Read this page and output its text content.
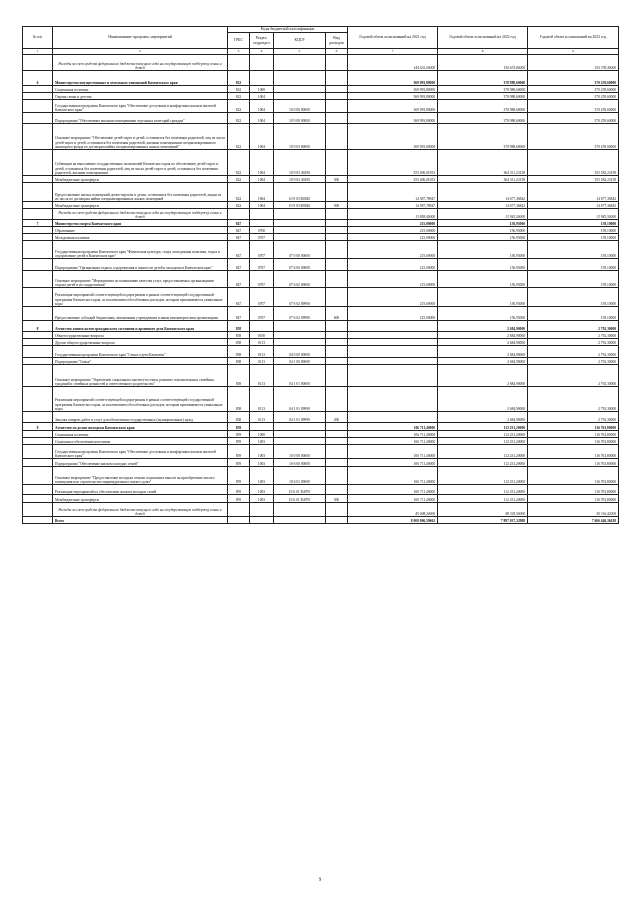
№ п/п	Наименование программ, мероприятий	Коды бюджетной классификации				Годовой объем ассигнований на 2021 год	Годовой объем ассигнований на 2022 год	Годовой объем ассигнований на 2023 год
		ГРБС	Раздел, подраздел	КЦСР	Вид расходов			
1	2	3	4	5	6	7	8	9
	Расходы за счет средств федерального бюджета текущего года на государственную поддержку семьи и детей					144 632,00000	150 633,80000	155 378,40000
6	Министерство имущественных и земельных отношений Камчатского края	822				369 993,80000	378 988,60000	370 259,60000
	Социальная политика	822	1000			369 993,80000	378 988,60000	370 259,60000
	Охрана семьи и детства	822	1004			369 993,80000	378 988,60000	370 259,60000
	Государственная программа Камчатского края "Обеспечение доступным и комфортным жильем жителей Камчатского края"	822	1004	10 0 00 00000		369 993,80000	378 988,60000	370 259,60000
	Подпрограмма "Обеспечение жилыми помещениями отдельных категорий граждан"	822	1004	10 9 00 00000		369 993,80000	378 988,60000	370 259,60000
	Основное мероприятие "Обеспечение детей-сирот и детей, оставшихся без попечения родителей, лиц из числа детей-сирот и детей, оставшихся без попечения родителей, жилыми помещениями специализированного жилищного фонда по договорам найма специализированных жилых помещений"	822	1004	10 9 03 00000		369 993,80000	378 988,60000	370 259,60000
	Субвенции на выполнение государственных полномочий Камчатского края по обеспечению детей-сирот и детей, оставшихся без попечения родителей, лиц из числа детей-сирот и детей, оставшихся без попечения родителей, жилыми помещениями	822	1004	10 9 03 40290		355 406,01053	364 311,23158	355 582,23158
	Межбюджетные трансферты	822	1004	10 9 03 40290	500	355 406,01053	364 311,23158	355 582,23158
	Предоставление жилых помещений детям-сиротам и детям, оставшимся без попечения родителей, лицам из их числа по договорам найма специализированных жилых помещений	822	1004	10 9 03 R0820		14 587,78947	14 677,36842	14 677,36842
	Межбюджетные трансферты	822	1004	10 9 03 R0820	500	14 587,78947	14 677,36842	14 677,36842
	Расходы за счет средств федерального бюджета текущего года на государственную поддержку семьи и детей					13 858,40000	13 943,50000	13 943,50000
7	Министерство спорта Камчатского края	847				215,00000	156,95000	159,10000
	Образование	847	0700			215,00000	156,95000	159,10000
	Молодежная политика	847	0707			215,00000	156,95000	159,10000
	Государственная программа Камчатского края "Физическая культура, спорт, молодежная политика, отдых и оздоровление детей в Камчатском крае"	847	0707	07 0 00 00000		215,00000	156,95000	159,10000
	Подпрограмма "Организация отдыха, оздоровления и занятости детей и молодежи в Камчатском крае"	847	0707	07 6 00 00000		215,00000	156,95000	159,10000
	Основное мероприятие "Мероприятия по повышению качества услуг, предоставляемых организациями отдыха детей и их оздоровления"	847	0707	07 6 02 00000		215,00000	156,95000	159,10000
	Реализация мероприятий соответствующей подпрограммы в рамках соответствующей государственной программы Камчатского края, за исключением обособленных расходов, которым присваиваются уникальные коды	847	0707	07 6 02 09990		215,00000	156,95000	159,10000
	Предоставление субсидий бюджетным, автономным учреждениям и иным некоммерческим организациям	847	0707	07 6 02 09990	600	215,00000	156,95000	159,10000
8	Агентство записи актов гражданского состояния и архивного дела Камчатского края	858					2 684,90000	2 792,30000
	Общегосударственные вопросы	858	0100				2 684,90000	2 792,30000
	Другие общегосударственные вопросы	858	0113				2 684,90000	2 792,30000
	Государственная программа Камчатского края "Семья и дети Камчатки"	858	0113	04 0 00 00000			2 684,90000	2 792,30000
	Подпрограмма "Семья"	858	0113	04 1 00 00000			2 684,90000	2 792,30000
	Основное мероприятие "Укрепление социального института семьи, развитие положительных семейных традиций и семейных ценностей и ответственного родительства"	858	0113	04 1 01 00000			2 684,90000	2 792,30000
	Реализация мероприятий соответствующей подпрограммы в рамках соответствующей государственной программы Камчатского края, за исключением обособленных расходов, которым присваиваются уникальные коды	858	0113	04 1 01 09990			2 684,90000	2 792,30000
	Закупка товаров, работ и услуг для обеспечения государственных (муниципальных) нужд	858	0113	04 1 01 09990	200		2 684,90000	2 792,30000
9	Агентство по делам молодежи Камчатского края	859				106 711,40000	112 231,20000	116 763,80000
	Социальная политика	859	1000			106 711,40000	112 231,20000	116 763,80000
	Социальное обеспечение населения	859	1003			106 711,40000	112 231,20000	116 763,80000
	Государственная программа Камчатского края "Обеспечение доступным и комфортным жильем жителей Камчатского края"	859	1003	10 0 00 00000		106 711,40000	112 231,20000	116 763,80000
	Подпрограмма "Обеспечение жильем молодых семей"	859	1003	10 6 00 00000		106 711,40000	112 231,20000	116 763,80000
	Основное мероприятие "Предоставление молодым семьям социальных выплат на приобретение жилого помещения или строительство индивидуального жилого дома"	859	1003	10 6 01 00000		106 711,40000	112 231,20000	116 763,80000
	Реализация мероприятий по обеспечению жильем молодых семей	859	1003	10 6 01 R4970		106 711,40000	112 231,20000	116 763,80000
	Межбюджетные трансферты	859	1003	10 6 01 R4970	500	106 711,40000	112 231,20000	116 763,80000
	Расходы за счет средств федерального бюджета текущего года на государственную поддержку семьи и детей					45 008,20000	48 329,50000	50 116,42000
	Всего					8 069 006,59662	7 897 037,32988	7 666 446,36438
9
